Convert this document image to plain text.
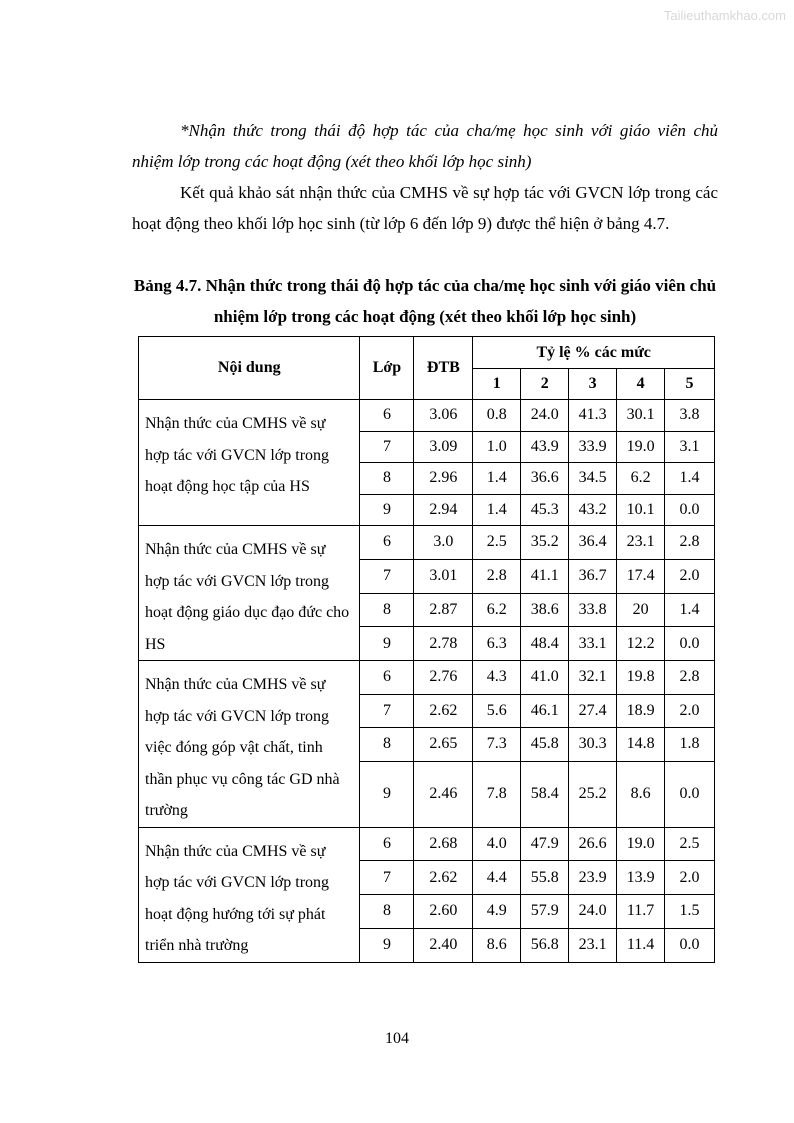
Tailieuthamkhao.com
*Nhận thức trong thái độ hợp tác của cha/mẹ học sinh với giáo viên chủ nhiệm lớp trong các hoạt động (xét theo khối lớp học sinh)
Kết quả khảo sát nhận thức của CMHS về sự hợp tác với GVCN lớp trong các hoạt động theo khối lớp học sinh (từ lớp 6 đến lớp 9) được thể hiện ở bảng 4.7.
Bảng 4.7. Nhận thức trong thái độ hợp tác của cha/mẹ học sinh với giáo viên chủ nhiệm lớp trong các hoạt động (xét theo khối lớp học sinh)
Nội dung	Lớp	ĐTB	Tỷ lệ % các mức				
			1	2	3	4	5
Nhận thức của CMHS về sự hợp tác với GVCN lớp trong hoạt động học tập của HS	6	3.06	0.8	24.0	41.3	30.1	3.8
	7	3.09	1.0	43.9	33.9	19.0	3.1
	8	2.96	1.4	36.6	34.5	6.2	1.4
	9	2.94	1.4	45.3	43.2	10.1	0.0
Nhận thức của CMHS về sự hợp tác với GVCN lớp trong hoạt động giáo dục đạo đức cho HS	6	3.0	2.5	35.2	36.4	23.1	2.8
	7	3.01	2.8	41.1	36.7	17.4	2.0
	8	2.87	6.2	38.6	33.8	20	1.4
	9	2.78	6.3	48.4	33.1	12.2	0.0
Nhận thức của CMHS về sự hợp tác với GVCN lớp trong việc đóng góp vật chất, tinh thần phục vụ công tác GD nhà trường	6	2.76	4.3	41.0	32.1	19.8	2.8
	7	2.62	5.6	46.1	27.4	18.9	2.0
	8	2.65	7.3	45.8	30.3	14.8	1.8
	9	2.46	7.8	58.4	25.2	8.6	0.0
Nhận thức của CMHS về sự hợp tác với GVCN lớp trong hoạt động hướng tới sự phát triển nhà trường	6	2.68	4.0	47.9	26.6	19.0	2.5
	7	2.62	4.4	55.8	23.9	13.9	2.0
	8	2.60	4.9	57.9	24.0	11.7	1.5
	9	2.40	8.6	56.8	23.1	11.4	0.0
104
